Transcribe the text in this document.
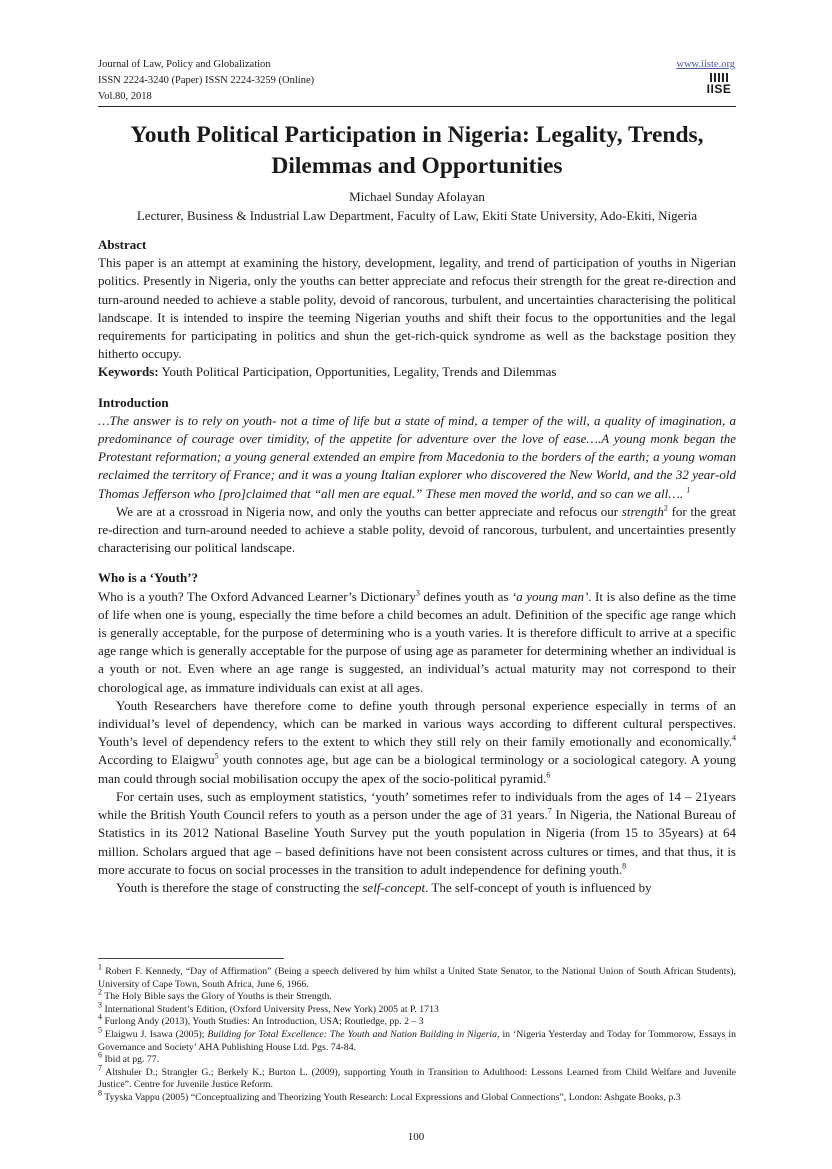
Journal of Law, Policy and Globalization
ISSN 2224-3240 (Paper) ISSN 2224-3259 (Online)
Vol.80, 2018
www.iiste.org
IISE
Youth Political Participation in Nigeria: Legality, Trends,
Dilemmas and Opportunities
Michael Sunday Afolayan
Lecturer, Business & Industrial Law Department, Faculty of Law, Ekiti State University, Ado-Ekiti, Nigeria
Abstract

This paper is an attempt at examining the history, development, legality, and trend of participation of youths in Nigerian politics. Presently in Nigeria, only the youths can better appreciate and refocus their strength for the great re-direction and turn-around needed to achieve a stable polity, devoid of rancorous, turbulent, and uncertainties characterising the political landscape. It is intended to inspire the teeming Nigerian youths and shift their focus to the opportunities and the legal requirements for participating in politics and shun the get-rich-quick syndrome as well as the backstage position they hitherto occupy.

Keywords: Youth Political Participation, Opportunities, Legality, Trends and Dilemmas

Introduction

…The answer is to rely on youth- not a time of life but a state of mind, a temper of the will, a quality of imagination, a predominance of courage over timidity, of the appetite for adventure over the love of ease….A young monk began the Protestant reformation; a young general extended an empire from Macedonia to the borders of the earth; a young woman reclaimed the territory of France; and it was a young Italian explorer who discovered the New World, and the 32 year-old Thomas Jefferson who [pro]claimed that “all men are equal.” These men moved the world, and so can we all…. $^1$

We are at a crossroad in Nigeria now, and only the youths can better appreciate and refocus our strength$^2$ for the great re-direction and turn-around needed to achieve a stable polity, devoid of rancorous, turbulent, and uncertainties presently characterising our political landscape.

Who is a ‘Youth’?

Who is a youth? The Oxford Advanced Learner’s Dictionary$^3$ defines youth as ‘a young man’. It is also define as the time of life when one is young, especially the time before a child becomes an adult. Definition of the specific age range which is generally acceptable, for the purpose of determining who is a youth varies. It is therefore difficult to arrive at a specific age range which is generally acceptable for the purpose of using age as parameter for determining whether an individual is a youth or not. Even where an age range is suggested, an individual’s actual maturity may not correspond to their chorological age, as immature individuals can exist at all ages.

Youth Researchers have therefore come to define youth through personal experience especially in terms of an individual’s level of dependency, which can be marked in various ways according to different cultural perspectives. Youth’s level of dependency refers to the extent to which they still rely on their family emotionally and economically.$^4$ According to Elaigwu$^5$ youth connotes age, but age can be a biological terminology or a sociological category. A young man could through social mobilisation occupy the apex of the socio-political pyramid.$^6$

For certain uses, such as employment statistics, ‘youth’ sometimes refer to individuals from the ages of 14 – 21years while the British Youth Council refers to youth as a person under the age of 31 years.$^7$ In Nigeria, the National Bureau of Statistics in its 2012 National Baseline Youth Survey put the youth population in Nigeria (from 15 to 35years) at 64 million. Scholars argued that age – based definitions have not been consistent across cultures or times, and that thus, it is more accurate to focus on social processes in the transition to adult independence for defining youth.$^8$

Youth is therefore the stage of constructing the self-concept. The self-concept of youth is influenced by

$^1$ Robert F. Kennedy, “Day of Affirmation” (Being a speech delivered by him whilst a United State Senator, to the National Union of South African Students), University of Cape Town, South Africa, June 6, 1966.

$^2$ The Holy Bible says the Glory of Youths is their Strength.

$^3$ International Student’s Edition, (Oxford University Press, New York) 2005 at P. 1713

$^4$ Furlong Andy (2013), Youth Studies: An Introduction, USA; Routledge, pp. 2 – 3

$^5$ Elaigwu J. Isawa (2005); Building for Total Excellence: The Youth and Nation Building in Nigeria, in ‘Nigeria Yesterday and Today for Tommorow, Essays in Governance and Society’ AHA Publishing House Ltd. Pgs. 74-84.

$^6$ Ibid at pg. 77.

$^7$ Altshuler D.; Strangler G.; Berkely K.; Burton L. (2009), supporting Youth in Transition to Adulthood: Lessons Learned from Child Welfare and Juvenile Justice”. Centre for Juvenile Justice Reform.

$^8$ Tyyska Vappu (2005) “Conceptualizing and Theorizing Youth Research: Local Expressions and Global Connections”, London: Ashgate Books, p.3

100
